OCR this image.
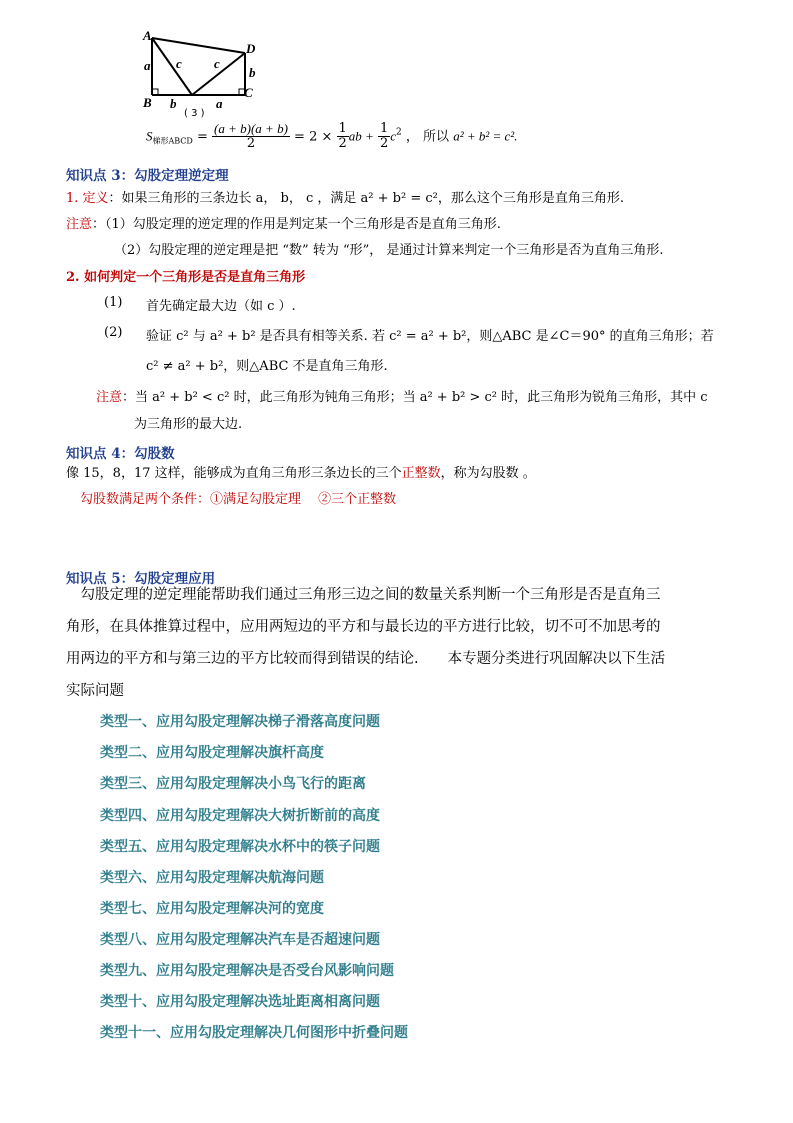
A
B
C
D
a c c
b
b	a
( 3 )
$S_{梯形ABCD} = \frac{(a + b)(a + b)}{2} = 2 \times \frac{1}{2}$ ab + $\frac{1}{2} c^2$ ， 所以 a² + b² = c².
知识点 3：勾股定理逆定理
1. 定义：如果三角形的三条边长 a， b， c ，满足 a² + b² = c²，那么这个三角形是直角三角形.
注意：（1）勾股定理的逆定理的作用是判定某一个三角形是否是直角三角形.
（2）勾股定理的逆定理是把 “数” 转为 “形”， 是通过计算来判定一个三角形是否为直角三角形.
2. 如何判定一个三角形是否是直角三角形
(1) 首先确定最大边（如 c ）.
(2) 验证 c² 与 a² + b² 是否具有相等关系. 若 c² = a² + b²，则△ABC 是∠C＝90° 的直角三角形；若
c² ≠ a² + b²，则△ABC 不是直角三角形.
注意：当 a² + b² < c² 时，此三角形为钝角三角形；当 a² + b² > c² 时，此三角形为锐角三角形，其中 c
为三角形的最大边.
知识点 4：勾股数
像 15，8，17 这样，能够成为直角三角形三条边长的三个正整数，称为勾股数 。
勾股数满足两个条件：①满足勾股定理　 ②三个正整数
知识点 5：勾股定理应用
　勾股定理的逆定理能帮助我们通过三角形三边之间的数量关系判断一个三角形是否是直角三
角形，在具体推算过程中，应用两短边的平方和与最长边的平方进行比较，切不可不加思考的
用两边的平方和与第三边的平方比较而得到错误的结论.　　本专题分类进行巩固解决以下生活
实际问题
类型一、应用勾股定理解决梯子滑落高度问题
类型二、应用勾股定理解决旗杆高度
类型三、应用勾股定理解决小鸟飞行的距离
类型四、应用勾股定理解决大树折断前的高度
类型五、应用勾股定理解决水杯中的筷子问题
类型六、应用勾股定理解决航海问题
类型七、应用勾股定理解决河的宽度
类型八、应用勾股定理解决汽车是否超速问题
类型九、应用勾股定理解决是否受台风影响问题
类型十、应用勾股定理解决选址距离相离问题
类型十一、应用勾股定理解决几何图形中折叠问题
